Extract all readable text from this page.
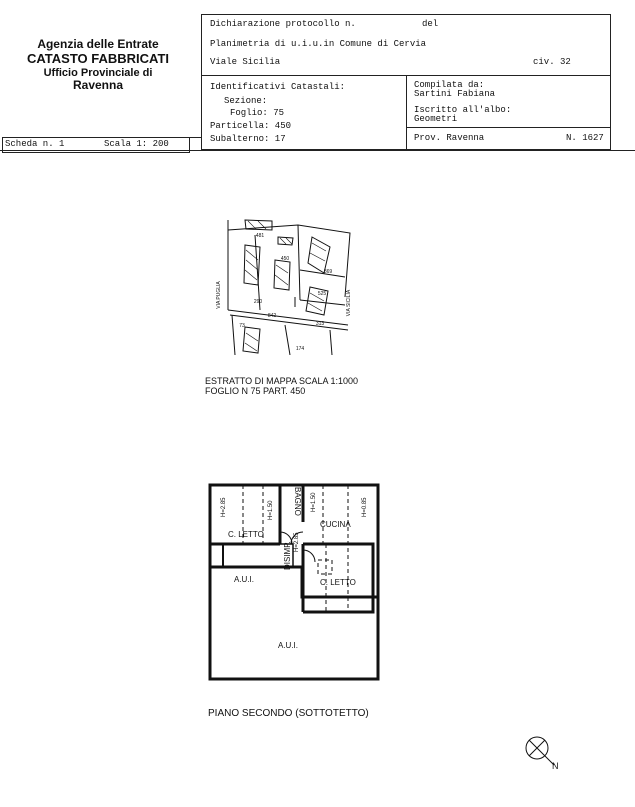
Agenzia delle Entrate
CATASTO FABBRICATI
Ufficio Provinciale di
Ravenna
Scheda n. 1	Scala 1: 200
Dichiarazione protocollo n.	del
Planimetria di u.i.u.in Comune di Cervia
Viale Sicilia	civ. 32
Identificativi Catastali:
Sezione:
Foglio: 75
Particella: 450
Subalterno: 17
Compilata da:
Sartini Fabiana
Iscritto all'albo:
Geometri
Prov. Ravenna	N. 1627
481
450
869
290
525
842
313
73
174
VIA PUGLIA	VIA SICILIA
ESTRATTO DI MAPPA SCALA 1:1000
FOGLIO N 75 PART. 450
C. LETTO
BAGNO
CUCINA
DISIMP.
C. LETTO
A.U.I.
A.U.I.
H=2.85	H=1.50	H=1.50	H=0.85
H=2.85
PIANO SECONDO (SOTTOTETTO)
N
